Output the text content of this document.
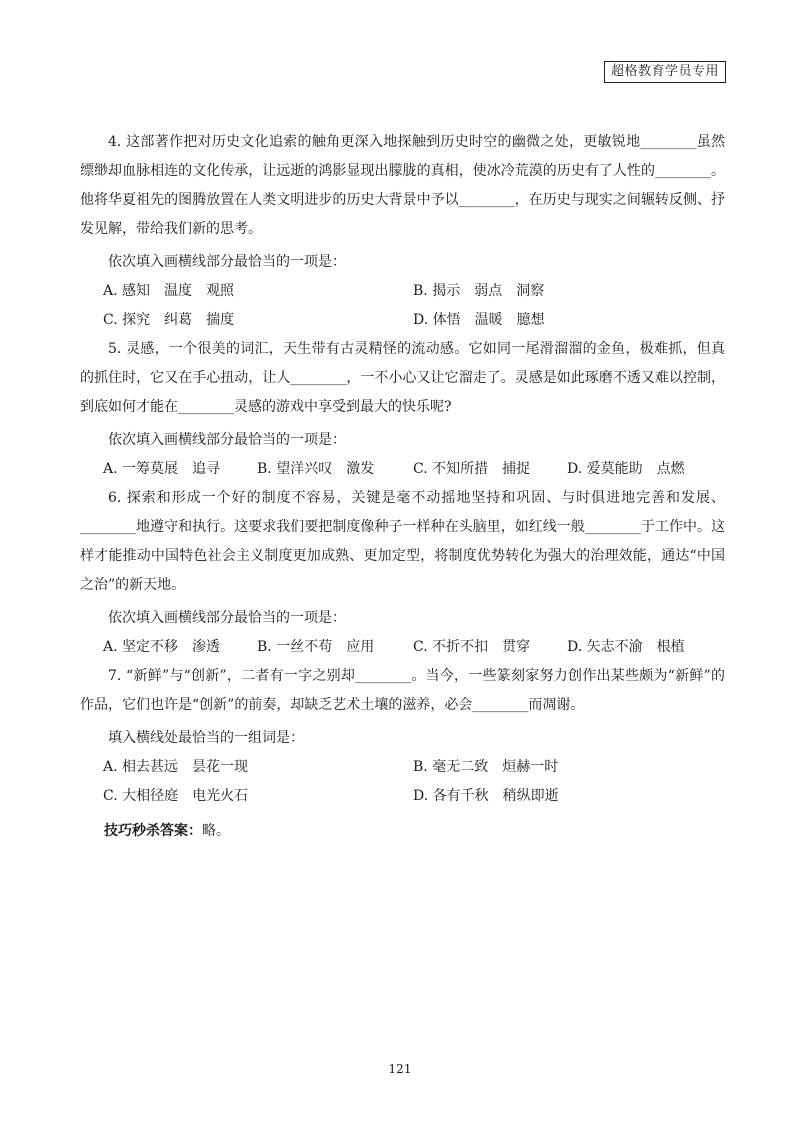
超格教育学员专用

4. 这部著作把对历史文化追索的触角更深入地探触到历史时空的幽微之处，更敏锐地________虽然缥缈却血脉相连的文化传承，让远逝的鸿影显现出朦胧的真相，使冰冷荒漠的历史有了人性的________。他将华夏祖先的图腾放置在人类文明进步的历史大背景中予以________，在历史与现实之间辗转反侧、抒发见解，带给我们新的思考。

依次填入画横线部分最恰当的一项是：

A. 感知　温度　观照	B. 揭示　弱点　洞察
C. 探究　纠葛　揣度	D. 体悟　温暖　臆想

5. 灵感，一个很美的词汇，天生带有古灵精怪的流动感。它如同一尾滑溜溜的金鱼，极难抓，但真的抓住时，它又在手心扭动，让人________，一不小心又让它溜走了。灵感是如此琢磨不透又难以控制，到底如何才能在________灵感的游戏中享受到最大的快乐呢?

依次填入画横线部分最恰当的一项是：

A. 一筹莫展　追寻	B. 望洋兴叹　激发	C. 不知所措　捕捉	D. 爱莫能助　点燃

6. 探索和形成一个好的制度不容易，关键是毫不动摇地坚持和巩固、与时俱进地完善和发展、________地遵守和执行。这要求我们要把制度像种子一样种在头脑里，如红线一般________于工作中。这样才能推动中国特色社会主义制度更加成熟、更加定型，将制度优势转化为强大的治理效能，通达“中国之治”的新天地。

依次填入画横线部分最恰当的一项是：

A. 坚定不移　渗透	B. 一丝不苟　应用	C. 不折不扣　贯穿	D. 矢志不渝　根植

7. “新鲜”与“创新”，二者有一字之别却________。当今，一些篆刻家努力创作出某些颇为“新鲜”的作品，它们也许是“创新”的前奏，却缺乏艺术土壤的滋养，必会________而凋谢。

填入横线处最恰当的一组词是：

A. 相去甚远　昙花一现	B. 毫无二致　烜赫一时
C. 大相径庭　电光火石	D. 各有千秋　稍纵即逝
技巧秒杀答案：略。
121
